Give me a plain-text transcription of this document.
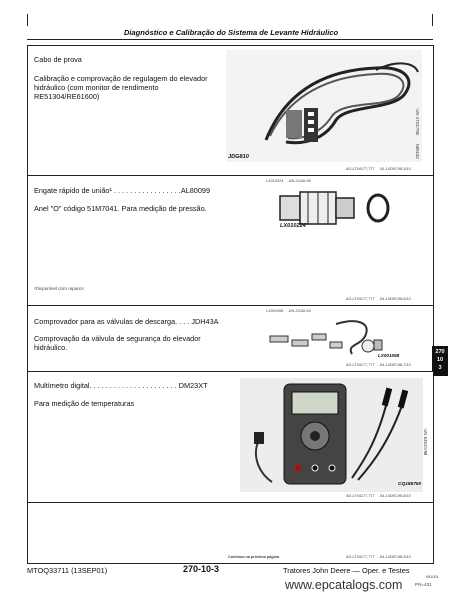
Diagnóstico e Calibração do Sistema de Levante Hidráulico
Cabo de prova
Calibração e comprovação de regulagem do elevador
hidráulico (com monitor de rendimento
RE51304/RE61600)
JDG810
-UN-17OCT95
N85100
AG,LT04177,777    -54-14DEC98-5/10
Engate rápido de união¹ . . . . . . . . . . . . . . . . .AL80099
Anel "O" código 51M7041. Para medição de pressão.
LX010224    -UN-24JUL95
LX010224
¹Disponível com reparos
AG,LT04177,777    -54-14DEC98-6/10
Comprovador para as válvulas de descarga. . . . JDH43A
Comprovação da válvula de segurança do elevador
hidráulico.
LX001068    -UN-23JUL94
LX001068
AG,LT04177,777    -54-14DEC98-7/10
270
10
3
Multímetro digital. . . . . . . . . . . . . . . . . . . . . . DM23XT
Para medição de temperaturas
-UN-03NOV98
CQ186750
AG,LT04177,777    -54-14DEC98-8/10
Continua na próxima página	AG,LT04177,777    -54-14DEC98-9/10
MTOQ33711 (13SEP01)	270-10-3	Tratores John Deere — Oper. e Testes
081001
PN=431
www.epcatalogs.com
